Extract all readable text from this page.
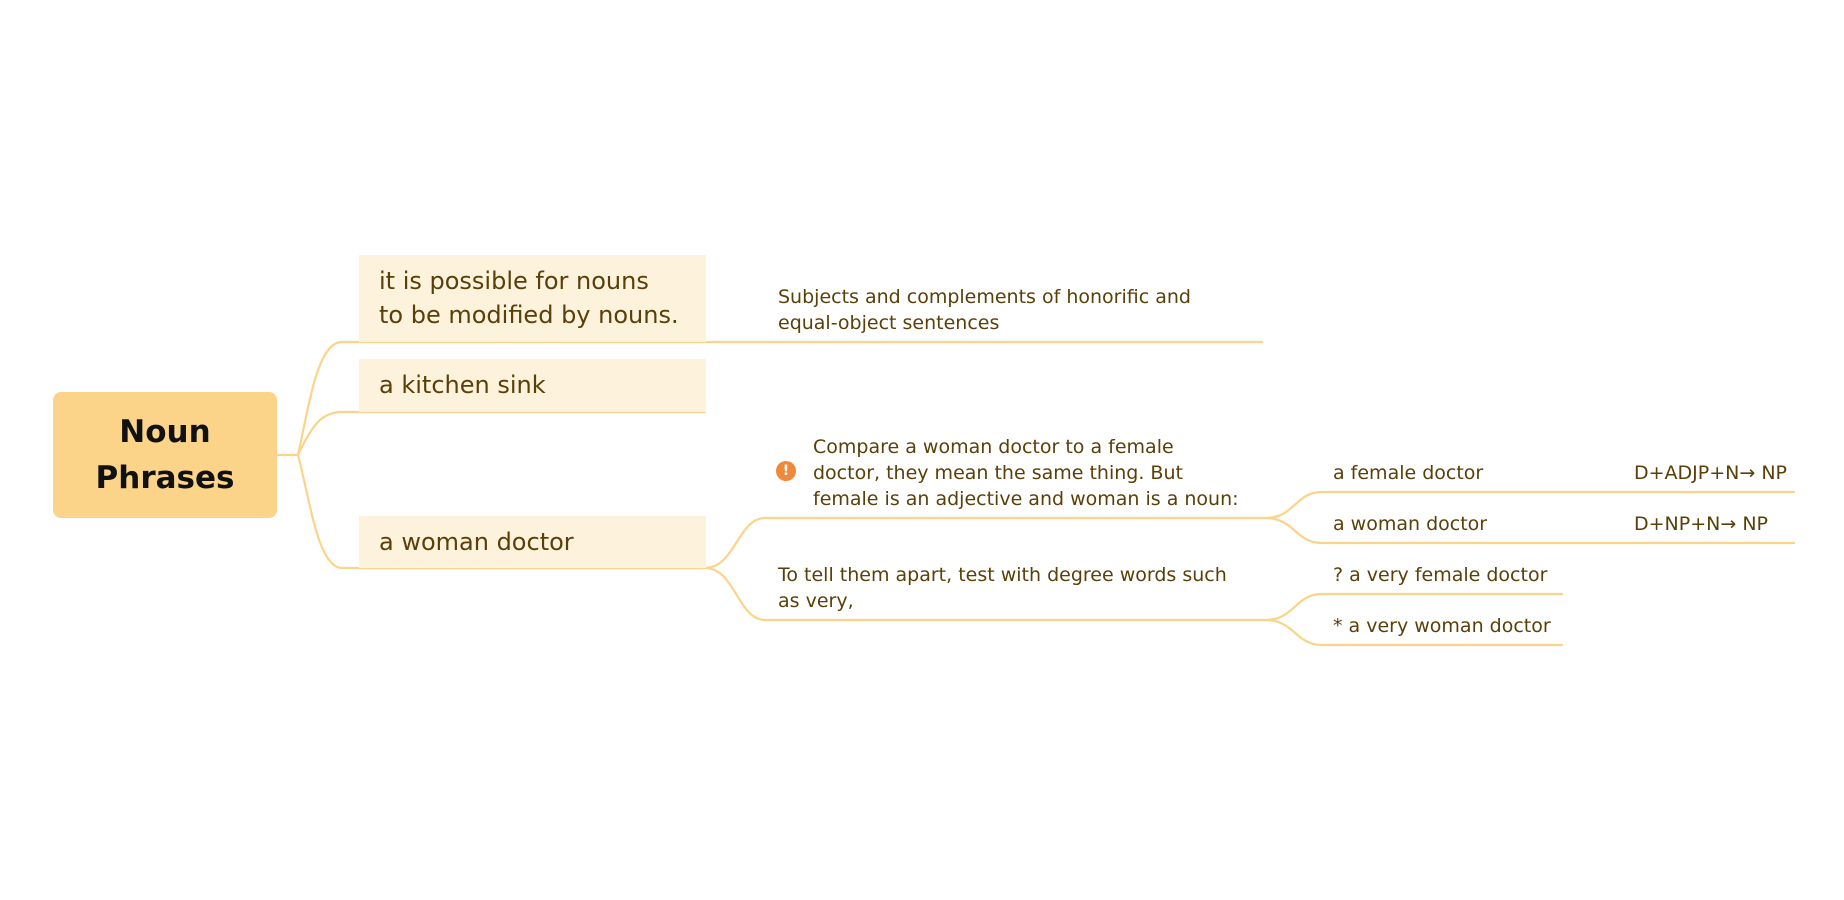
Noun
Phrases
it is possible for nouns
to be modified by nouns.
Subjects and complements of honorific and
equal-object sentences
a kitchen sink
a woman doctor
!
Compare a woman doctor to a female
doctor, they mean the same thing. But
female is an adjective and woman is a noun:
a female doctor	D+ADJP+N→ NP
a woman doctor	D+NP+N→ NP
To tell them apart, test with degree words such
as very,
? a very female doctor
* a very woman doctor
